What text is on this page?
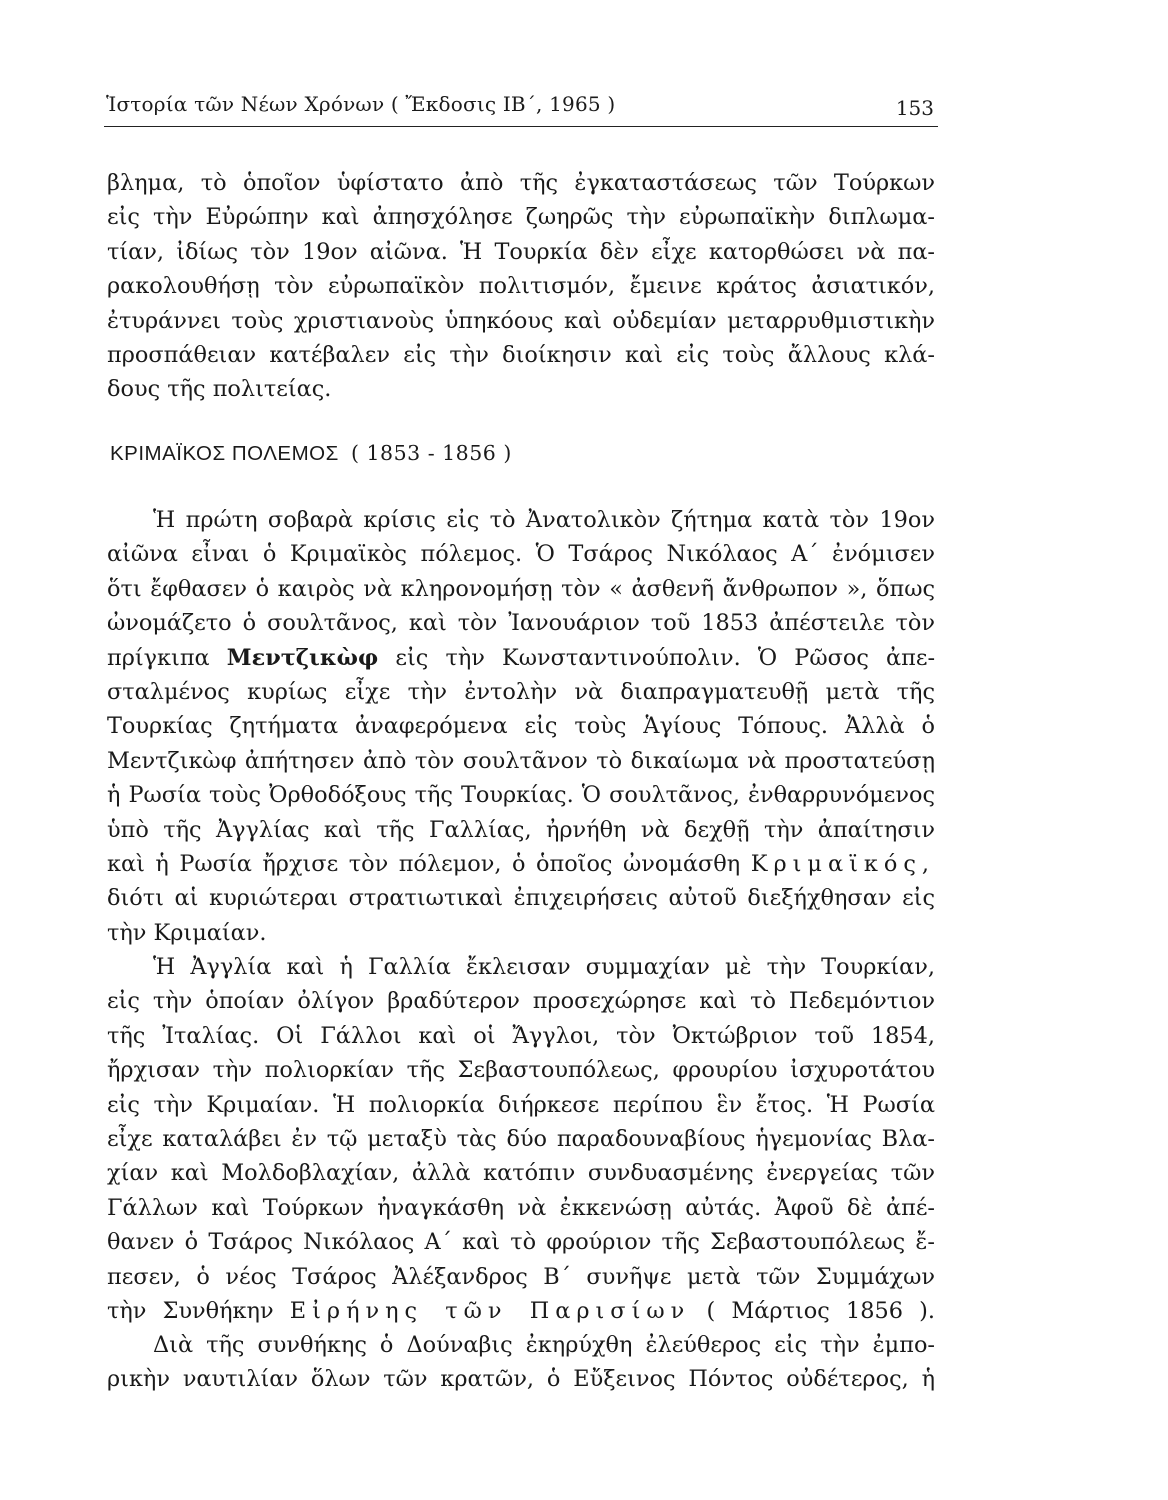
Ἱστορία τῶν Νέων Χρόνων ( Ἔκδοσις ΙΒ΄, 1965 )	153
βλημα, τὸ ὁποῖον ὑφίστατο ἀπὸ τῆς ἐγκαταστάσεως τῶν Τούρκων
εἰς τὴν Εὐρώπην καὶ ἀπησχόλησε ζωηρῶς τὴν εὐρωπαϊκὴν διπλωμα-
τίαν, ἰδίως τὸν 19ον αἰῶνα. Ἡ Τουρκία δὲν εἶχε κατορθώσει νὰ πα-
ρακολουθήσῃ τὸν εὐρωπαϊκὸν πολιτισμόν, ἔμεινε κράτος ἀσιατικόν,
ἐτυράννει τοὺς χριστιανοὺς ὑπηκόους καὶ οὐδεμίαν μεταρρυθμιστικὴν
προσπάθειαν κατέβαλεν εἰς τὴν διοίκησιν καὶ εἰς τοὺς ἄλλους κλά-
δους τῆς πολιτείας.
ΚΡΙΜΑΪΚΟΣ ΠΟΛΕΜΟΣ ( 1853 - 1856 )
Ἡ πρώτη σοβαρὰ κρίσις εἰς τὸ Ἀνατολικὸν ζήτημα κατὰ τὸν 19ον
αἰῶνα εἶναι ὁ Κριμαϊκὸς πόλεμος. Ὁ Τσάρος Νικόλαος Α΄ ἐνόμισεν
ὅτι ἔφθασεν ὁ καιρὸς νὰ κληρονομήσῃ τὸν « ἀσθενῆ ἄνθρωπον », ὅπως
ὠνομάζετο ὁ σουλτᾶνος, καὶ τὸν Ἰανουάριον τοῦ 1853 ἀπέστειλε τὸν
πρίγκιπα Μεντζικὼφ εἰς τὴν Κωνσταντινούπολιν. Ὁ Ρῶσος ἀπε-
σταλμένος κυρίως εἶχε τὴν ἐντολὴν νὰ διαπραγματευθῇ μετὰ τῆς
Τουρκίας ζητήματα ἀναφερόμενα εἰς τοὺς Ἁγίους Τόπους. Ἀλλὰ ὁ
Μεντζικὼφ ἀπήτησεν ἀπὸ τὸν σουλτᾶνον τὸ δικαίωμα νὰ προστατεύσῃ
ἡ Ρωσία τοὺς Ὀρθοδόξους τῆς Τουρκίας. Ὁ σουλτᾶνος, ἐνθαρρυνόμενος
ὑπὸ τῆς Ἀγγλίας καὶ τῆς Γαλλίας, ἠρνήθη νὰ δεχθῇ τὴν ἀπαίτησιν
καὶ ἡ Ρωσία ἤρχισε τὸν πόλεμον, ὁ ὁποῖος ὠνομάσθη Κριμαϊκός,
διότι αἱ κυριώτεραι στρατιωτικαὶ ἐπιχειρήσεις αὐτοῦ διεξήχθησαν εἰς
τὴν Κριμαίαν.
Ἡ Ἀγγλία καὶ ἡ Γαλλία ἔκλεισαν συμμαχίαν μὲ τὴν Τουρκίαν,
εἰς τὴν ὁποίαν ὀλίγον βραδύτερον προσεχώρησε καὶ τὸ Πεδεμόντιον
τῆς Ἰταλίας. Οἱ Γάλλοι καὶ οἱ Ἄγγλοι, τὸν Ὀκτώβριον τοῦ 1854,
ἤρχισαν τὴν πολιορκίαν τῆς Σεβαστουπόλεως, φρουρίου ἰσχυροτάτου
εἰς τὴν Κριμαίαν. Ἡ πολιορκία διήρκεσε περίπου ἓν ἔτος. Ἡ Ρωσία
εἶχε καταλάβει ἐν τῷ μεταξὺ τὰς δύο παραδουναβίους ἡγεμονίας Βλα-
χίαν καὶ Μολδοβλαχίαν, ἀλλὰ κατόπιν συνδυασμένης ἐνεργείας τῶν
Γάλλων καὶ Τούρκων ἠναγκάσθη νὰ ἐκκενώσῃ αὐτάς. Ἀφοῦ δὲ ἀπέ-
θανεν ὁ Τσάρος Νικόλαος Α΄ καὶ τὸ φρούριον τῆς Σεβαστουπόλεως ἔ-
πεσεν, ὁ νέος Τσάρος Ἀλέξανδρος Β΄ συνῆψε μετὰ τῶν Συμμάχων
τὴν Συνθήκην Εἰρήνης τῶν Παρισίων ( Μάρτιος 1856 ).
Διὰ τῆς συνθήκης ὁ Δούναβις ἐκηρύχθη ἐλεύθερος εἰς τὴν ἐμπο-
ρικὴν ναυτιλίαν ὅλων τῶν κρατῶν, ὁ Εὔξεινος Πόντος οὐδέτερος, ἡ
